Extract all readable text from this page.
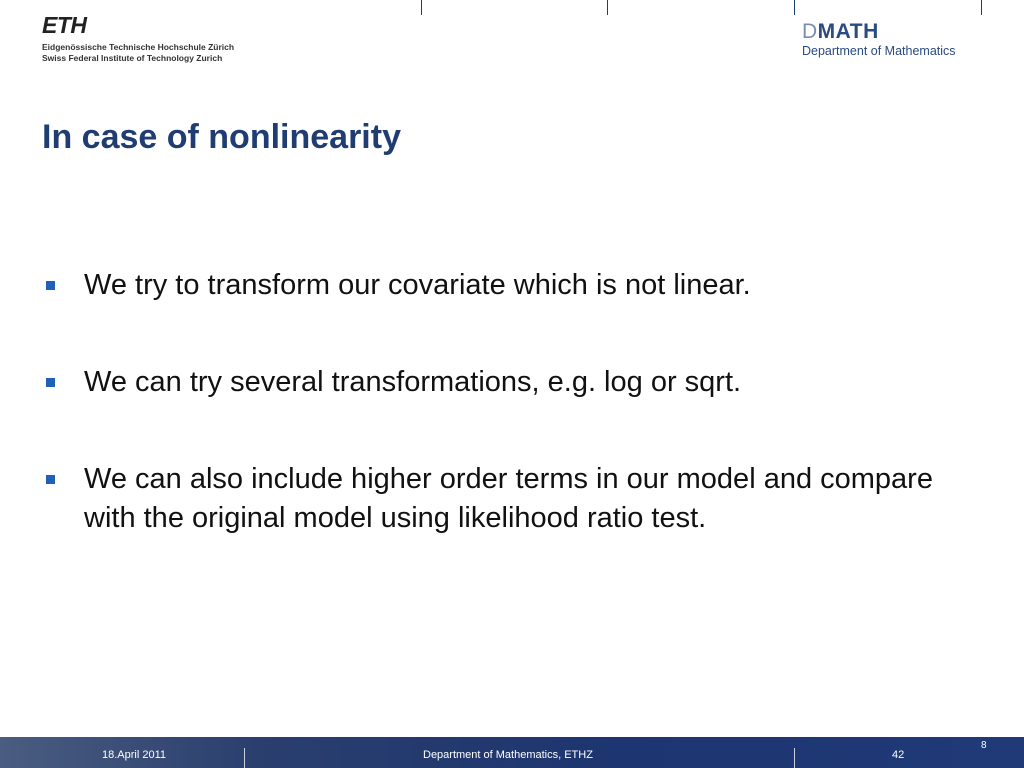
ETH
Eidgenössische Technische Hochschule Zürich
Swiss Federal Institute of Technology Zurich
DMATH
Department of Mathematics
In case of nonlinearity
We try to transform our covariate which is not linear.
We can try several transformations, e.g. log or sqrt.
We can also include higher order terms in our model and compare with the original model using likelihood ratio test.
18.April 2011	Department of Mathematics, ETHZ	42
8
